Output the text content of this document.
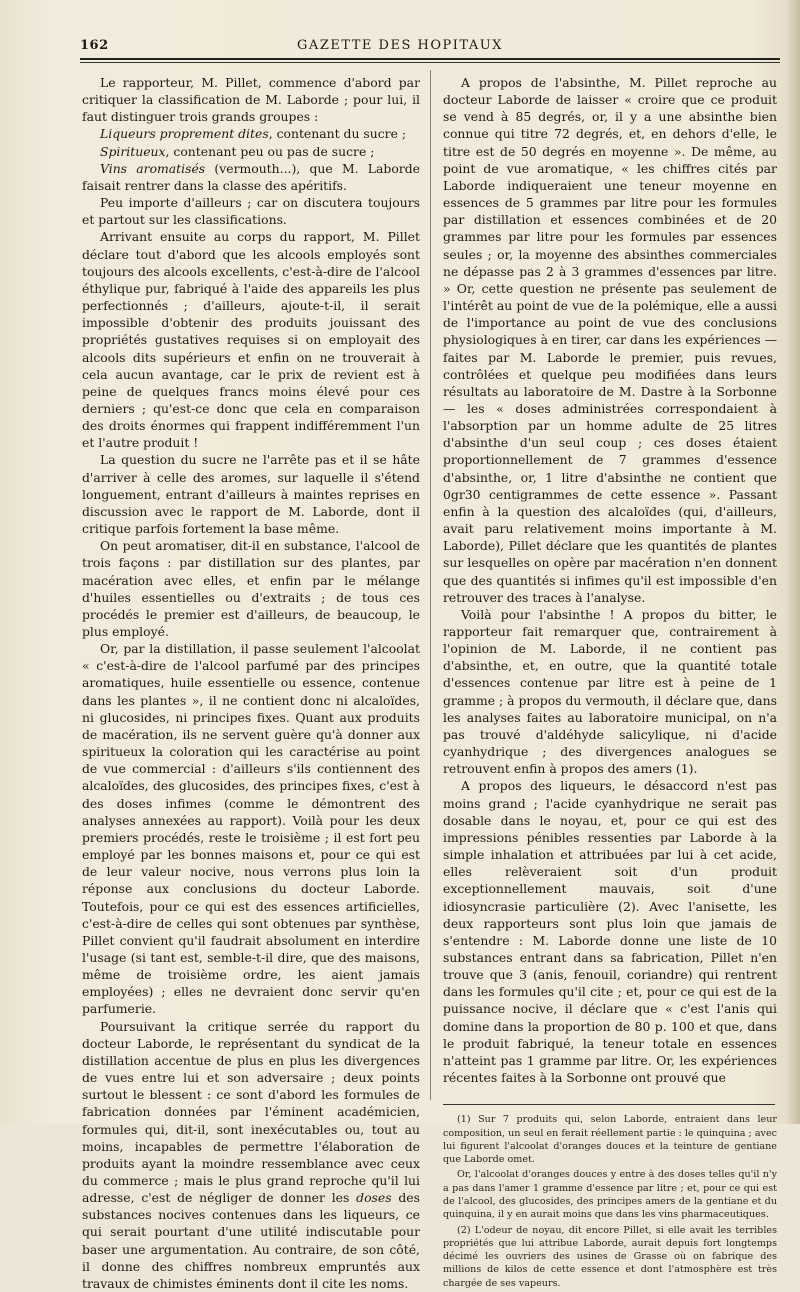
162	GAZETTE DES HOPITAUX

Le rapporteur, M. Pillet, commence d'abord par critiquer la classification de M. Laborde ; pour lui, il faut distinguer trois grands groupes :

Liqueurs proprement dites, contenant du sucre ;

Spiritueux, contenant peu ou pas de sucre ;

Vins aromatisés (vermouth...), que M. Laborde faisait rentrer dans la classe des apéritifs.

Peu importe d'ailleurs ; car on discutera toujours et partout sur les classifications.

Arrivant ensuite au corps du rapport, M. Pillet déclare tout d'abord que les alcools employés sont toujours des alcools excellents, c'est-à-dire de l'alcool éthylique pur, fabriqué à l'aide des appareils les plus perfectionnés ; d'ailleurs, ajoute-t-il, il serait impossible d'obtenir des produits jouissant des propriétés gustatives requises si on employait des alcools dits supérieurs et enfin on ne trouverait à cela aucun avantage, car le prix de revient est à peine de quelques francs moins élevé pour ces derniers ; qu'est-ce donc que cela en comparaison des droits énormes qui frappent indifféremment l'un et l'autre produit !

La question du sucre ne l'arrête pas et il se hâte d'arriver à celle des aromes, sur laquelle il s'étend longuement, entrant d'ailleurs à maintes reprises en discussion avec le rapport de M. Laborde, dont il critique parfois fortement la base même.

On peut aromatiser, dit-il en substance, l'alcool de trois façons : par distillation sur des plantes, par macération avec elles, et enfin par le mélange d'huiles essentielles ou d'extraits ; de tous ces procédés le premier est d'ailleurs, de beaucoup, le plus employé.

Or, par la distillation, il passe seulement l'alcoolat « c'est-à-dire de l'alcool parfumé par des principes aromatiques, huile essentielle ou essence, contenue dans les plantes », il ne contient donc ni alcaloïdes, ni glucosides, ni principes fixes. Quant aux produits de macération, ils ne servent guère qu'à donner aux spiritueux la coloration qui les caractérise au point de vue commercial : d'ailleurs s'ils contiennent des alcaloïdes, des glucosides, des principes fixes, c'est à des doses infimes (comme le démontrent des analyses annexées au rapport). Voilà pour les deux premiers procédés, reste le troisième ; il est fort peu employé par les bonnes maisons et, pour ce qui est de leur valeur nocive, nous verrons plus loin la réponse aux conclusions du docteur Laborde. Toutefois, pour ce qui est des essences artificielles, c'est-à-dire de celles qui sont obtenues par synthèse, Pillet convient qu'il faudrait absolument en interdire l'usage (si tant est, semble-t-il dire, que des maisons, même de troisième ordre, les aient jamais employées) ; elles ne devraient donc servir qu'en parfumerie.

Poursuivant la critique serrée du rapport du docteur Laborde, le représentant du syndicat de la distillation accentue de plus en plus les divergences de vues entre lui et son adversaire ; deux points surtout le blessent : ce sont d'abord les formules de fabrication données par l'éminent académicien, formules qui, dit-il, sont inexécutables ou, tout au moins, incapables de permettre l'élaboration de produits ayant la moindre ressemblance avec ceux du commerce ; mais le plus grand reproche qu'il lui adresse, c'est de négliger de donner les doses des substances nocives contenues dans les liqueurs, ce qui serait pourtant d'une utilité indiscutable pour baser une argumentation. Au contraire, de son côté, il donne des chiffres nombreux empruntés aux travaux de chimistes éminents dont il cite les noms.

A propos de l'absinthe, M. Pillet reproche au docteur Laborde de laisser « croire que ce produit se vend à 85 degrés, or, il y a une absinthe bien connue qui titre 72 degrés, et, en dehors d'elle, le titre est de 50 degrés en moyenne ». De même, au point de vue aromatique, « les chiffres cités par Laborde indiqueraient une teneur moyenne en essences de 5 grammes par litre pour les formules par distillation et essences combinées et de 20 grammes par litre pour les formules par essences seules ; or, la moyenne des absinthes commerciales ne dépasse pas 2 à 3 grammes d'essences par litre. » Or, cette question ne présente pas seulement de l'intérêt au point de vue de la polémique, elle a aussi de l'importance au point de vue des conclusions physiologiques à en tirer, car dans les expériences — faites par M. Laborde le premier, puis revues, contrôlées et quelque peu modifiées dans leurs résultats au laboratoire de M. Dastre à la Sorbonne — les « doses administrées correspondaient à l'absorption par un homme adulte de 25 litres d'absinthe d'un seul coup ; ces doses étaient proportionnellement de 7 grammes d'essence d'absinthe, or, 1 litre d'absinthe ne contient que 0gr30 centigrammes de cette essence ». Passant enfin à la question des alcaloïdes (qui, d'ailleurs, avait paru relativement moins importante à M. Laborde), Pillet déclare que les quantités de plantes sur lesquelles on opère par macération n'en donnent que des quantités si infimes qu'il est impossible d'en retrouver des traces à l'analyse.

Voilà pour l'absinthe ! A propos du bitter, le rapporteur fait remarquer que, contrairement à l'opinion de M. Laborde, il ne contient pas d'absinthe, et, en outre, que la quantité totale d'essences contenue par litre est à peine de 1 gramme ; à propos du vermouth, il déclare que, dans les analyses faites au laboratoire municipal, on n'a pas trouvé d'aldéhyde salicylique, ni d'acide cyanhydrique ; des divergences analogues se retrouvent enfin à propos des amers (1).

A propos des liqueurs, le désaccord n'est pas moins grand ; l'acide cyanhydrique ne serait pas dosable dans le noyau, et, pour ce qui est des impressions pénibles ressenties par Laborde à la simple inhalation et attribuées par lui à cet acide, elles relèveraient soit d'un produit exceptionnellement mauvais, soit d'une idiosyncrasie particulière (2). Avec l'anisette, les deux rapporteurs sont plus loin que jamais de s'entendre : M. Laborde donne une liste de 10 substances entrant dans sa fabrication, Pillet n'en trouve que 3 (anis, fenouil, coriandre) qui rentrent dans les formules qu'il cite ; et, pour ce qui est de la puissance nocive, il déclare que « c'est l'anis qui domine dans la proportion de 80 p. 100 et que, dans le produit fabriqué, la teneur totale en essences n'atteint pas 1 gramme par litre. Or, les expériences récentes faites à la Sorbonne ont prouvé que

(1) Sur 7 produits qui, selon Laborde, entraient dans leur composition, un seul en ferait réellement partie : le quinquina ; avec lui figurent l'alcoolat d'oranges douces et la teinture de gentiane que Laborde omet.

Or, l'alcoolat d'oranges douces y entre à des doses telles qu'il n'y a pas dans l'amer 1 gramme d'essence par litre ; et, pour ce qui est de l'alcool, des glucosides, des principes amers de la gentiane et du quinquina, il y en aurait moins que dans les vins pharmaceutiques.

(2) L'odeur de noyau, dit encore Pillet, si elle avait les terribles propriétés que lui attribue Laborde, aurait depuis fort longtemps décimé les ouvriers des usines de Grasse où on fabrique des millions de kilos de cette essence et dont l'atmosphère est très chargée de ses vapeurs.
